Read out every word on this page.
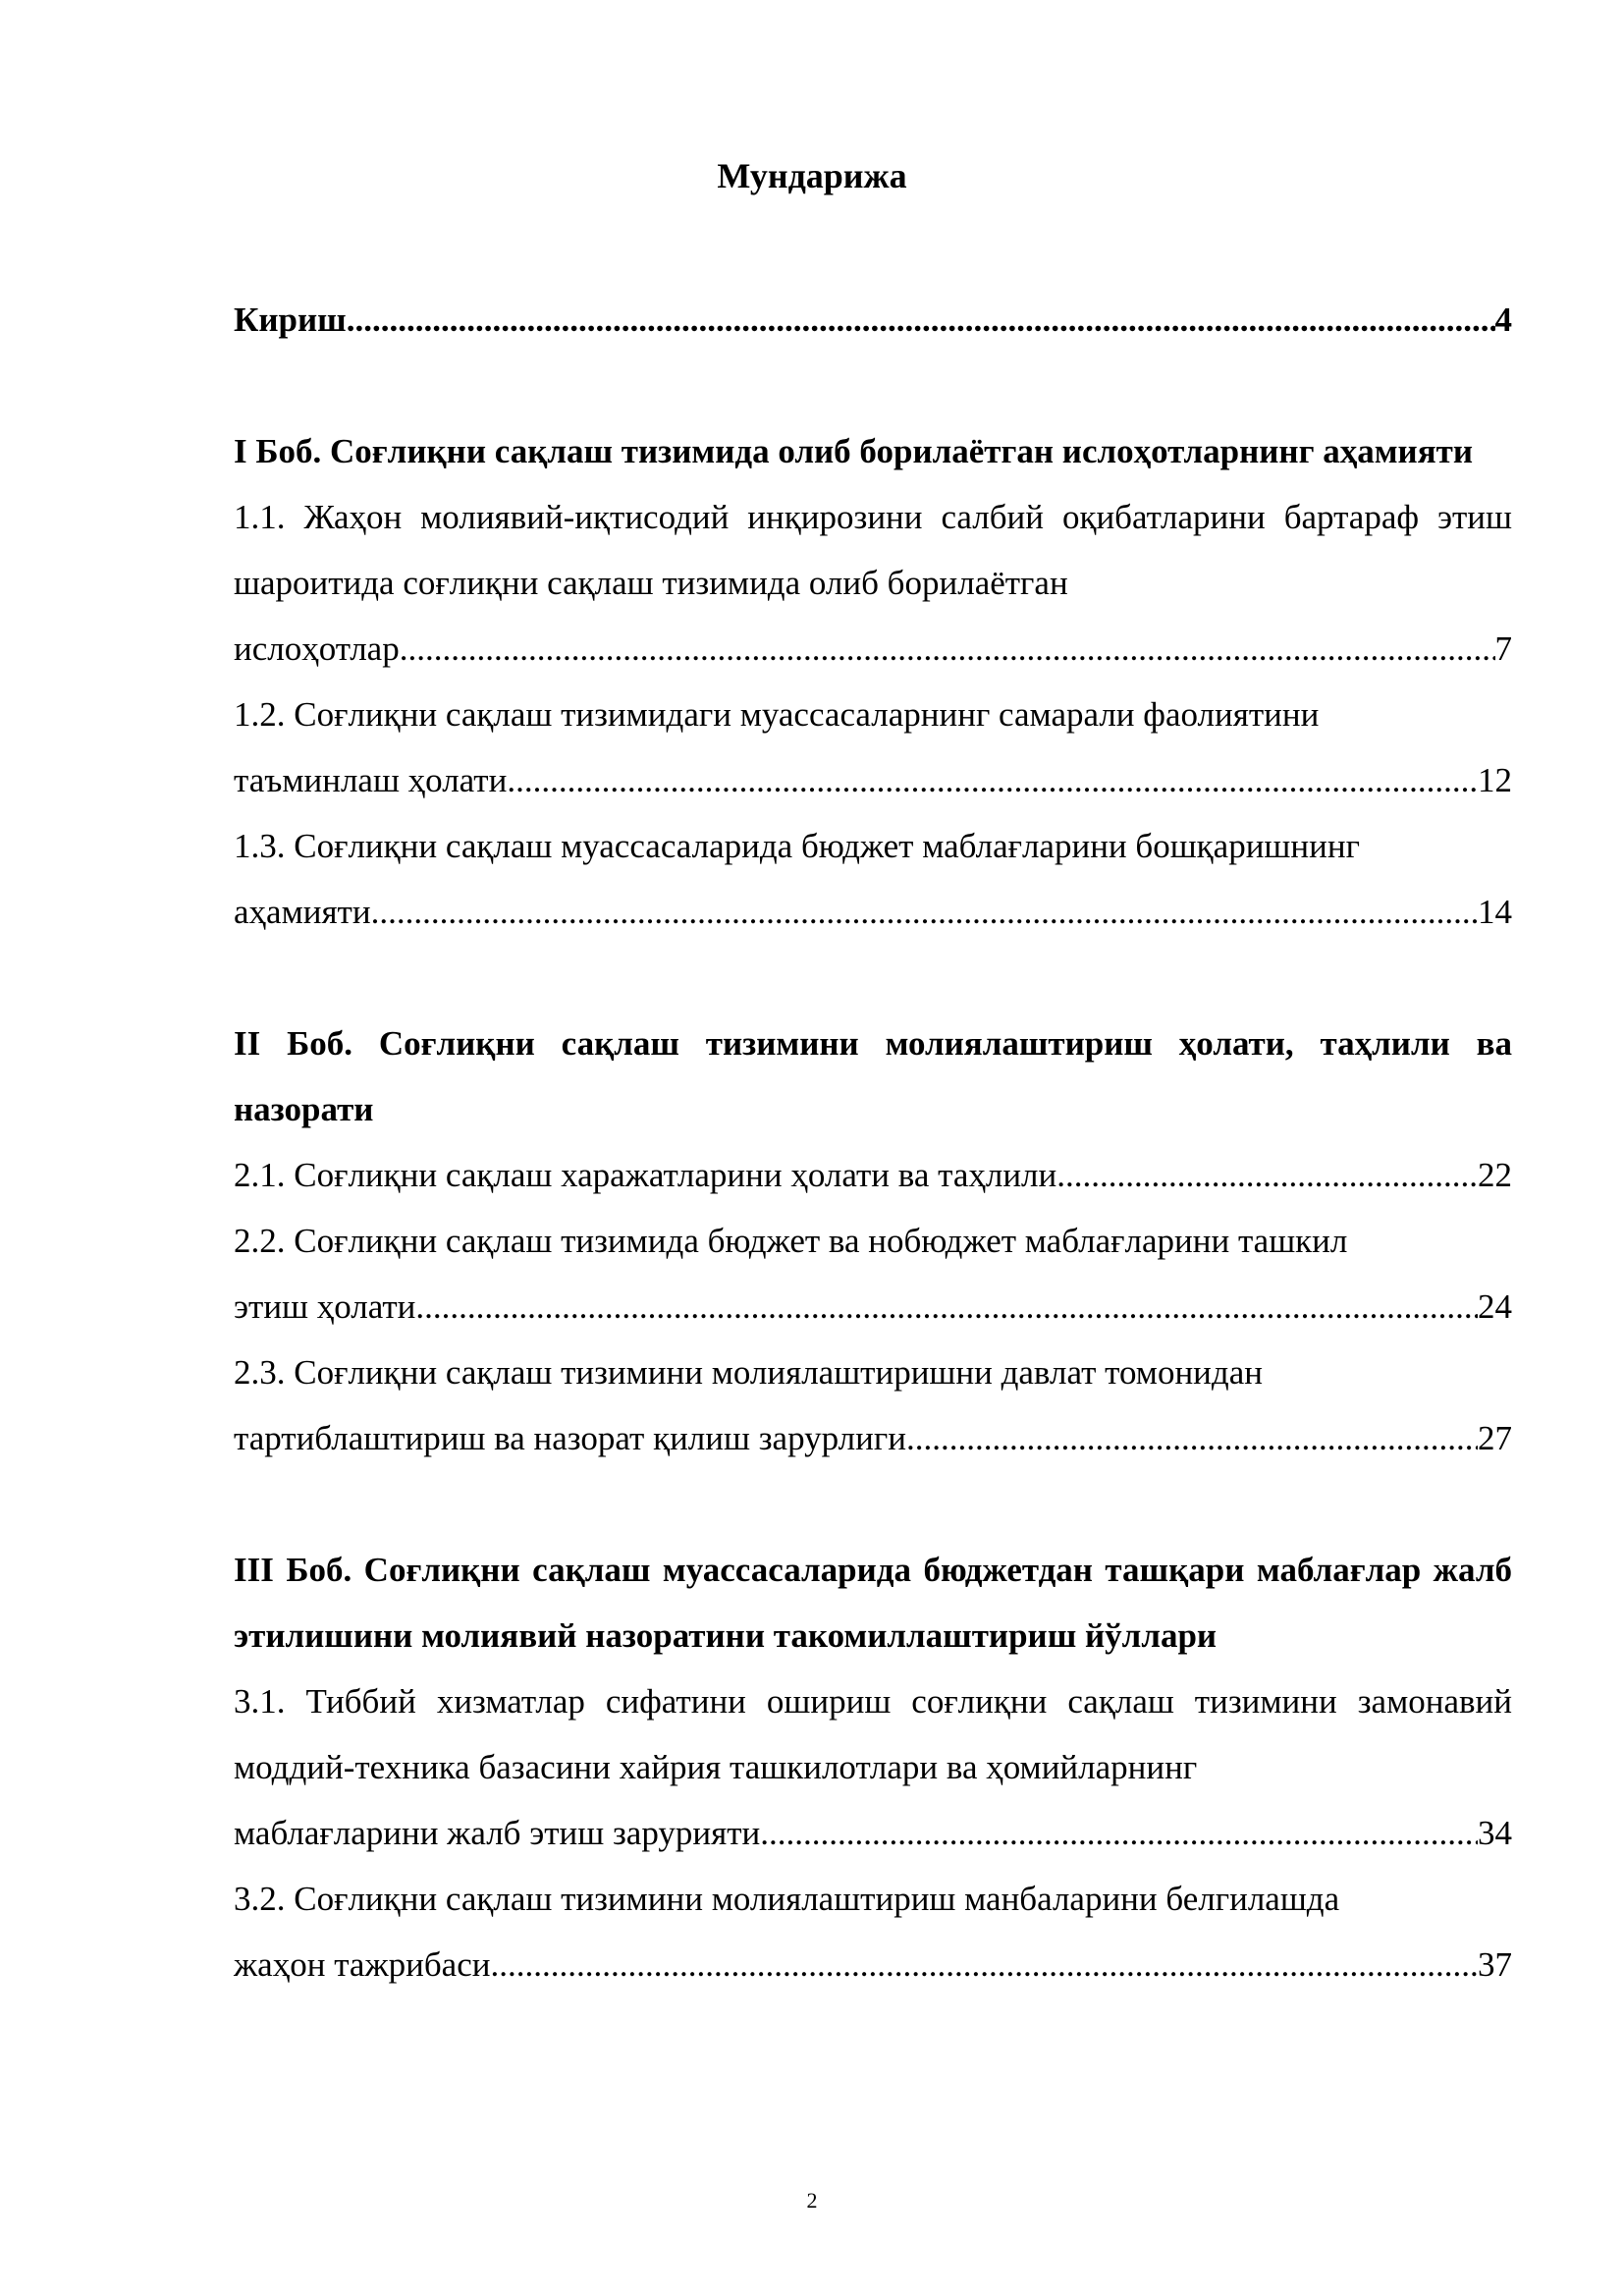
Мундарижа
Кириш .....	4
I Боб. Соғлиқни сақлаш тизимида олиб борилаётган ислоҳотларнинг аҳамияти
1.1. Жаҳон молиявий-иқтисодий инқирозини салбий оқибатларини бартараф этиш шароитида соғлиқни сақлаш тизимида олиб борилаётган
ислоҳотлар .....	7
1.2. Соғлиқни сақлаш тизимидаги муассасаларнинг самарали фаолиятини
таъминлаш ҳолати .....	12
1.3. Соғлиқни сақлаш муассасаларида бюджет маблағларини бошқаришнинг
аҳамияти .....	14
II Боб. Соғлиқни сақлаш тизимини молиялаштириш ҳолати, таҳлили ва назорати
2.1. Соғлиқни сақлаш харажатларини ҳолати ва таҳлили .....	22
2.2. Соғлиқни сақлаш тизимида бюджет ва нобюджет маблағларини ташкил
этиш ҳолати .....	24
2.3. Соғлиқни сақлаш тизимини молиялаштиришни давлат томонидан
тартиблаштириш ва назорат қилиш зарурлиги .....	27
III Боб. Соғлиқни сақлаш муассасаларида бюджетдан ташқари маблағлар жалб этилишини молиявий назоратини такомиллаштириш йўллари
3.1. Тиббий хизматлар сифатини ошириш соғлиқни сақлаш тизимини замонавий моддий-техника базасини хайрия ташкилотлари ва ҳомийларнинг
маблағларини жалб этиш зарурияти .....	34
3.2. Соғлиқни сақлаш тизимини молиялаштириш манбаларини белгилашда
жаҳон тажрибаси .....	37
2
